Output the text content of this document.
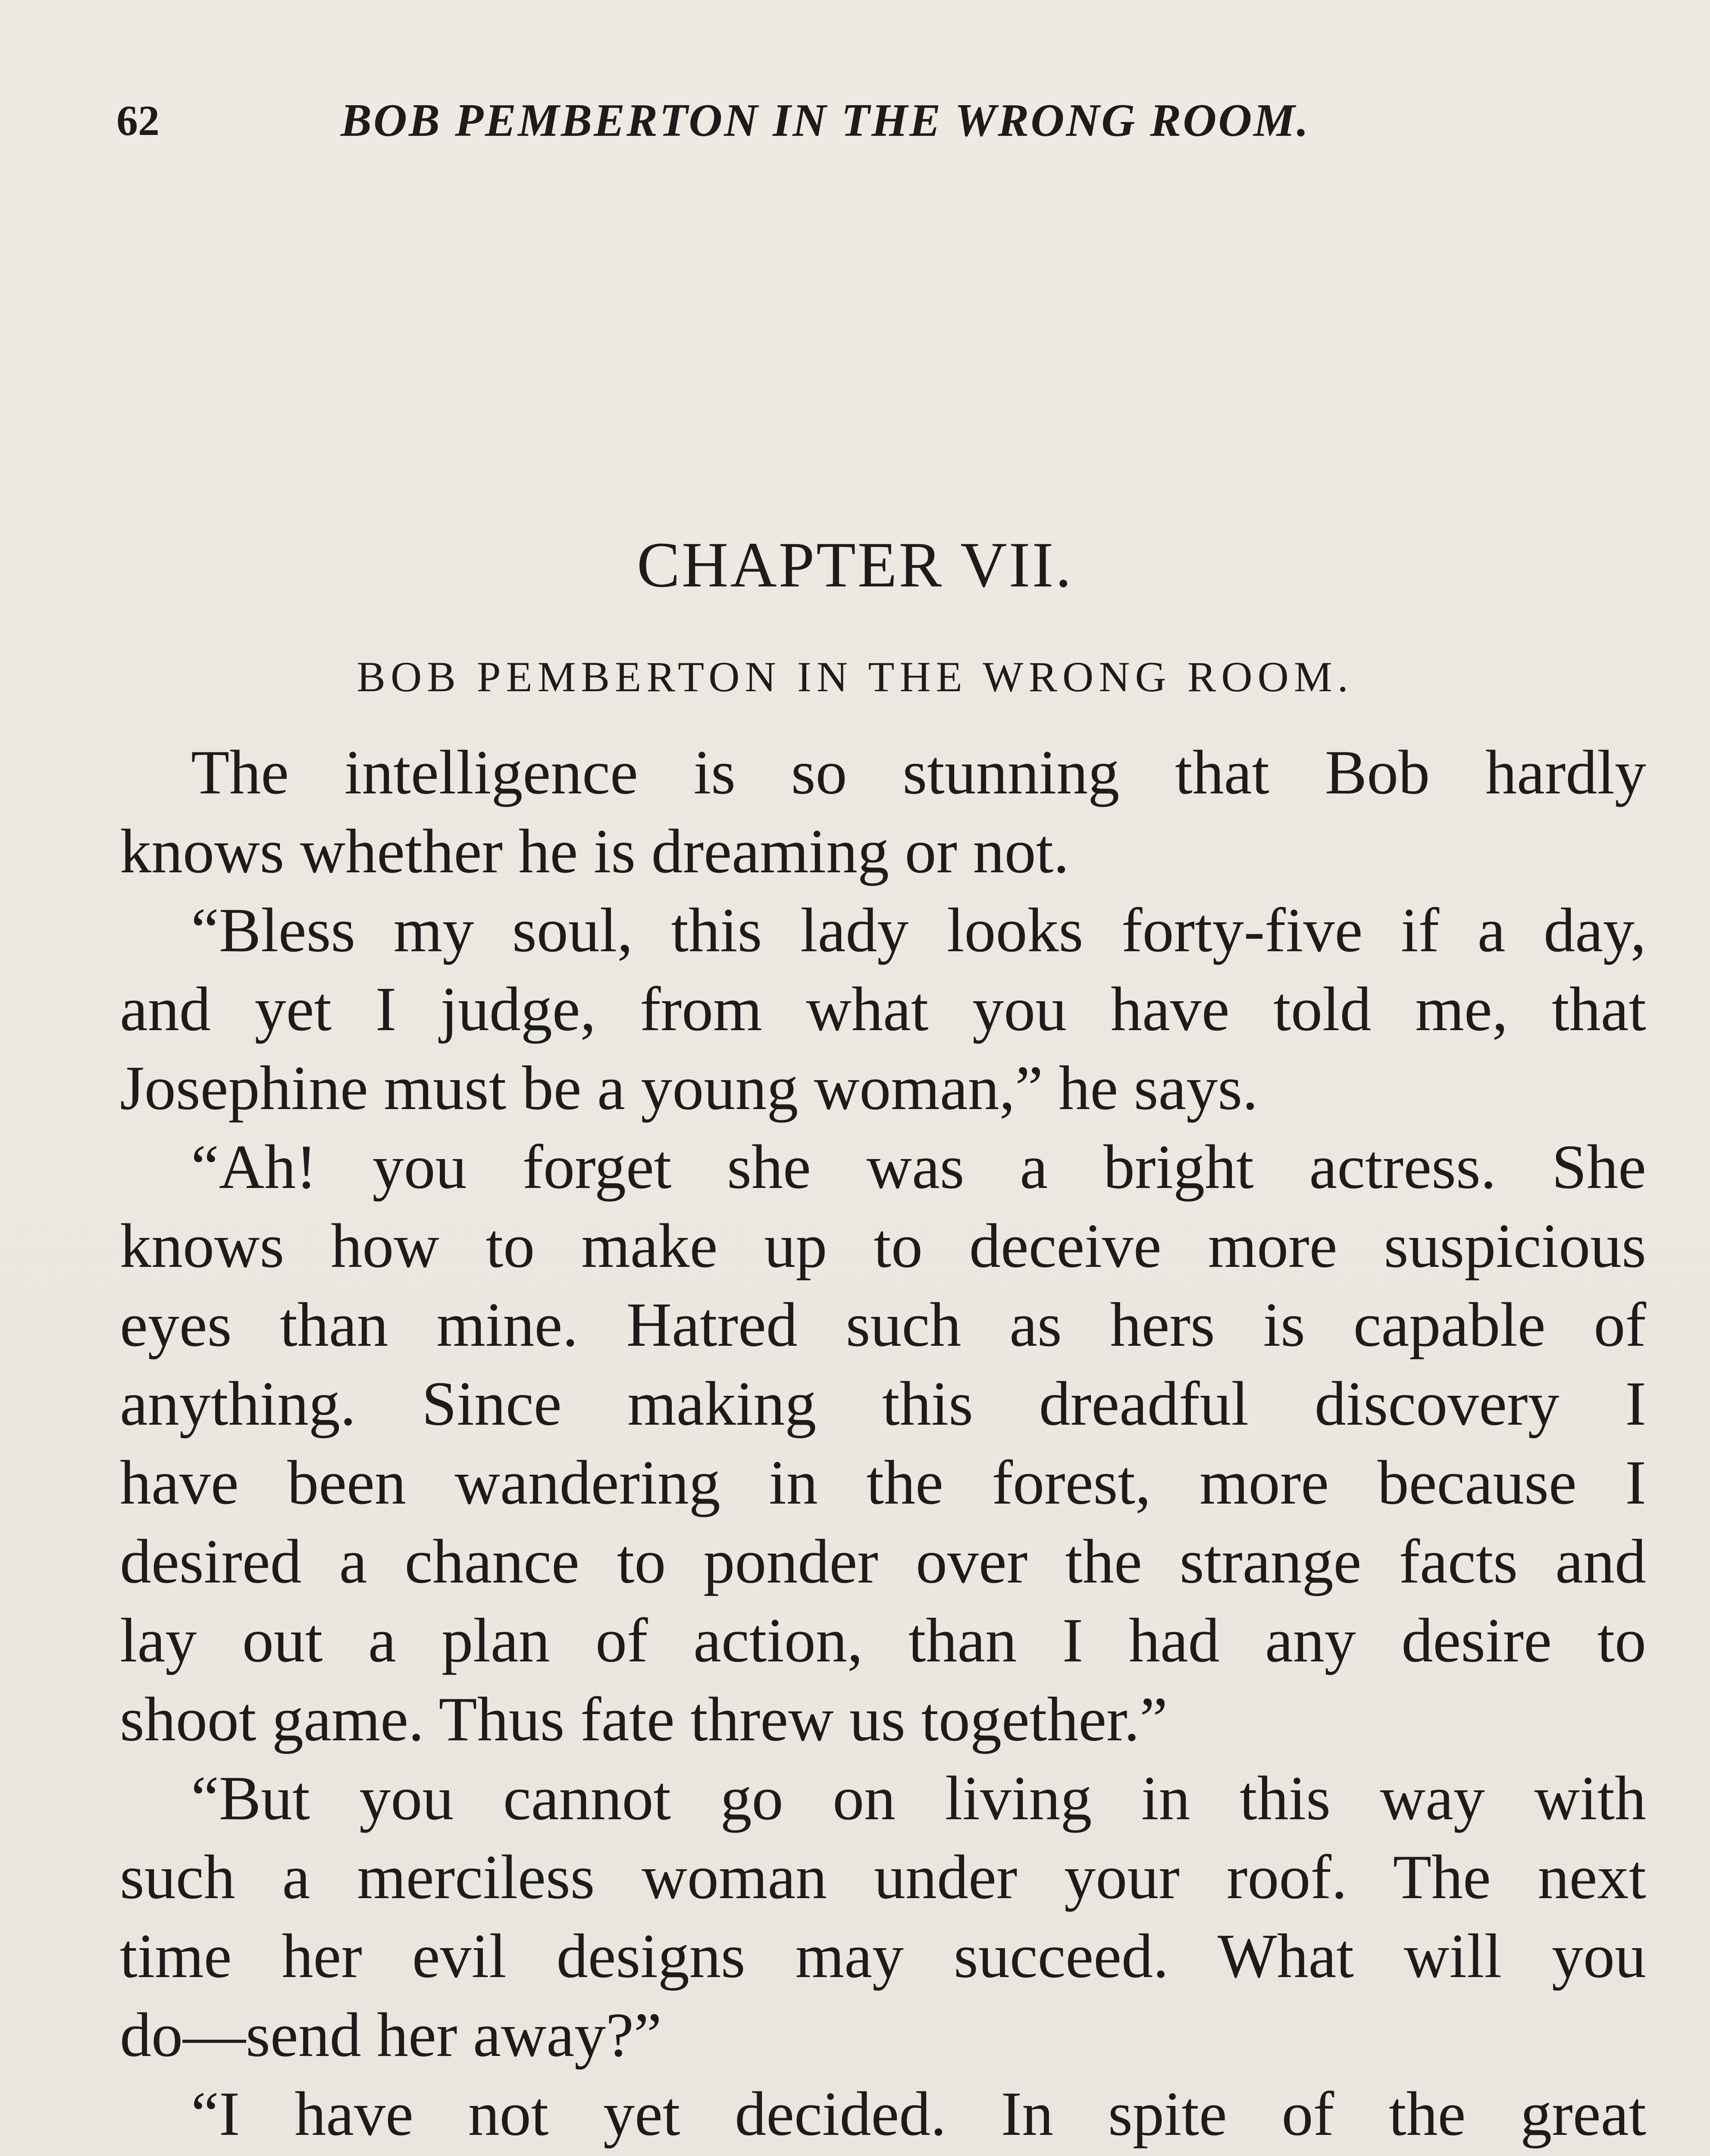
62	BOB PEMBERTON IN THE WRONG ROOM.
CHAPTER VII.
BOB PEMBERTON IN THE WRONG ROOM.
The intelligence is so stunning that Bob hardly
knows whether he is dreaming or not.
“Bless my soul, this lady looks forty-five if a day,
and yet I judge, from what you have told me, that
Josephine must be a young woman,” he says.
“Ah! you forget she was a bright actress. She
knows how to make up to deceive more suspicious
eyes than mine. Hatred such as hers is capable of
anything. Since making this dreadful discovery I
have been wandering in the forest, more because I
desired a chance to ponder over the strange facts and
lay out a plan of action, than I had any desire to
shoot game. Thus fate threw us together.”
“But you cannot go on living in this way with
such a merciless woman under your roof. The next
time her evil designs may succeed. What will you
do—send her away?”
“I have not yet decided. In spite of the great
